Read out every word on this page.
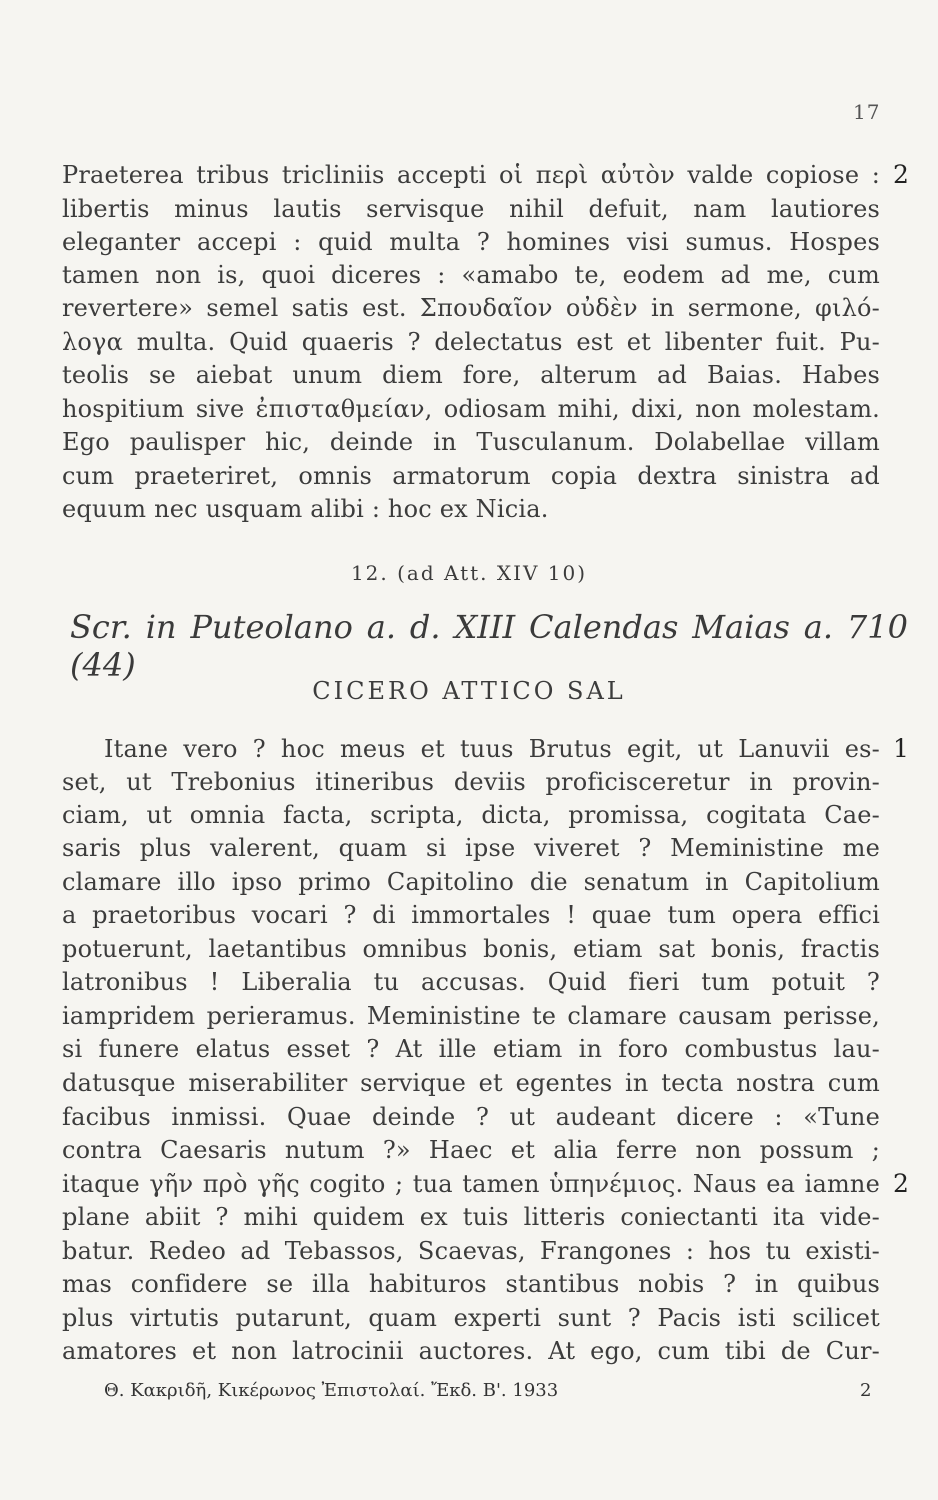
17
Praeterea tribus tricliniis accepti οἱ περὶ αὐτὸν valde copiose :
libertis minus lautis servisque nihil defuit, nam lautiores
eleganter accepi : quid multa ? homines visi sumus. Hospes
tamen non is, quoi diceres : «amabo te, eodem ad me, cum
revertere» semel satis est. Σπουδαῖον οὐδὲν in sermone, φιλό-
λογα multa. Quid quaeris ? delectatus est et libenter fuit. Pu-
teolis se aiebat unum diem fore, alterum ad Baias. Habes
hospitium sive ἐπισταθμείαν, odiosam mihi, dixi, non molestam.
Ego paulisper hic, deinde in Tusculanum. Dolabellae villam
cum praeteriret, omnis armatorum copia dextra sinistra ad
equum nec usquam alibi : hoc ex Nicia.
2
12. (ad Att. XIV 10)
Scr. in Puteolano a. d. XIII Calendas Maias a. 710 (44)
CICERO ATTICO SAL
Itane vero ? hoc meus et tuus Brutus egit, ut Lanuvii es-
set, ut Trebonius itineribus deviis proficisceretur in provin-
ciam, ut omnia facta, scripta, dicta, promissa, cogitata Cae-
saris plus valerent, quam si ipse viveret ? Meministine me
clamare illo ipso primo Capitolino die senatum in Capitolium
a praetoribus vocari ? di immortales ! quae tum opera effici
potuerunt, laetantibus omnibus bonis, etiam sat bonis, fractis
latronibus ! Liberalia tu accusas. Quid fieri tum potuit ?
iampridem perieramus. Meministine te clamare causam perisse,
si funere elatus esset ? At ille etiam in foro combustus lau-
datusque miserabiliter servique et egentes in tecta nostra cum
facibus inmissi. Quae deinde ? ut audeant dicere : «Tune
contra Caesaris nutum ?» Haec et alia ferre non possum ;
itaque γῆν πρὸ γῆς cogito ; tua tamen ὑπηνέμιος. Naus ea iamne
plane abiit ? mihi quidem ex tuis litteris coniectanti ita vide-
batur. Redeo ad Tebassos, Scaevas, Frangones : hos tu existi-
mas confidere se illa habituros stantibus nobis ? in quibus
plus virtutis putarunt, quam experti sunt ? Pacis isti scilicet
amatores et non latrocinii auctores. At ego, cum tibi de Cur-
1
2
Θ. Κακριδῆ, Κικέρωνος Ἐπιστολαί. Ἔκδ. Β'. 1933	2
